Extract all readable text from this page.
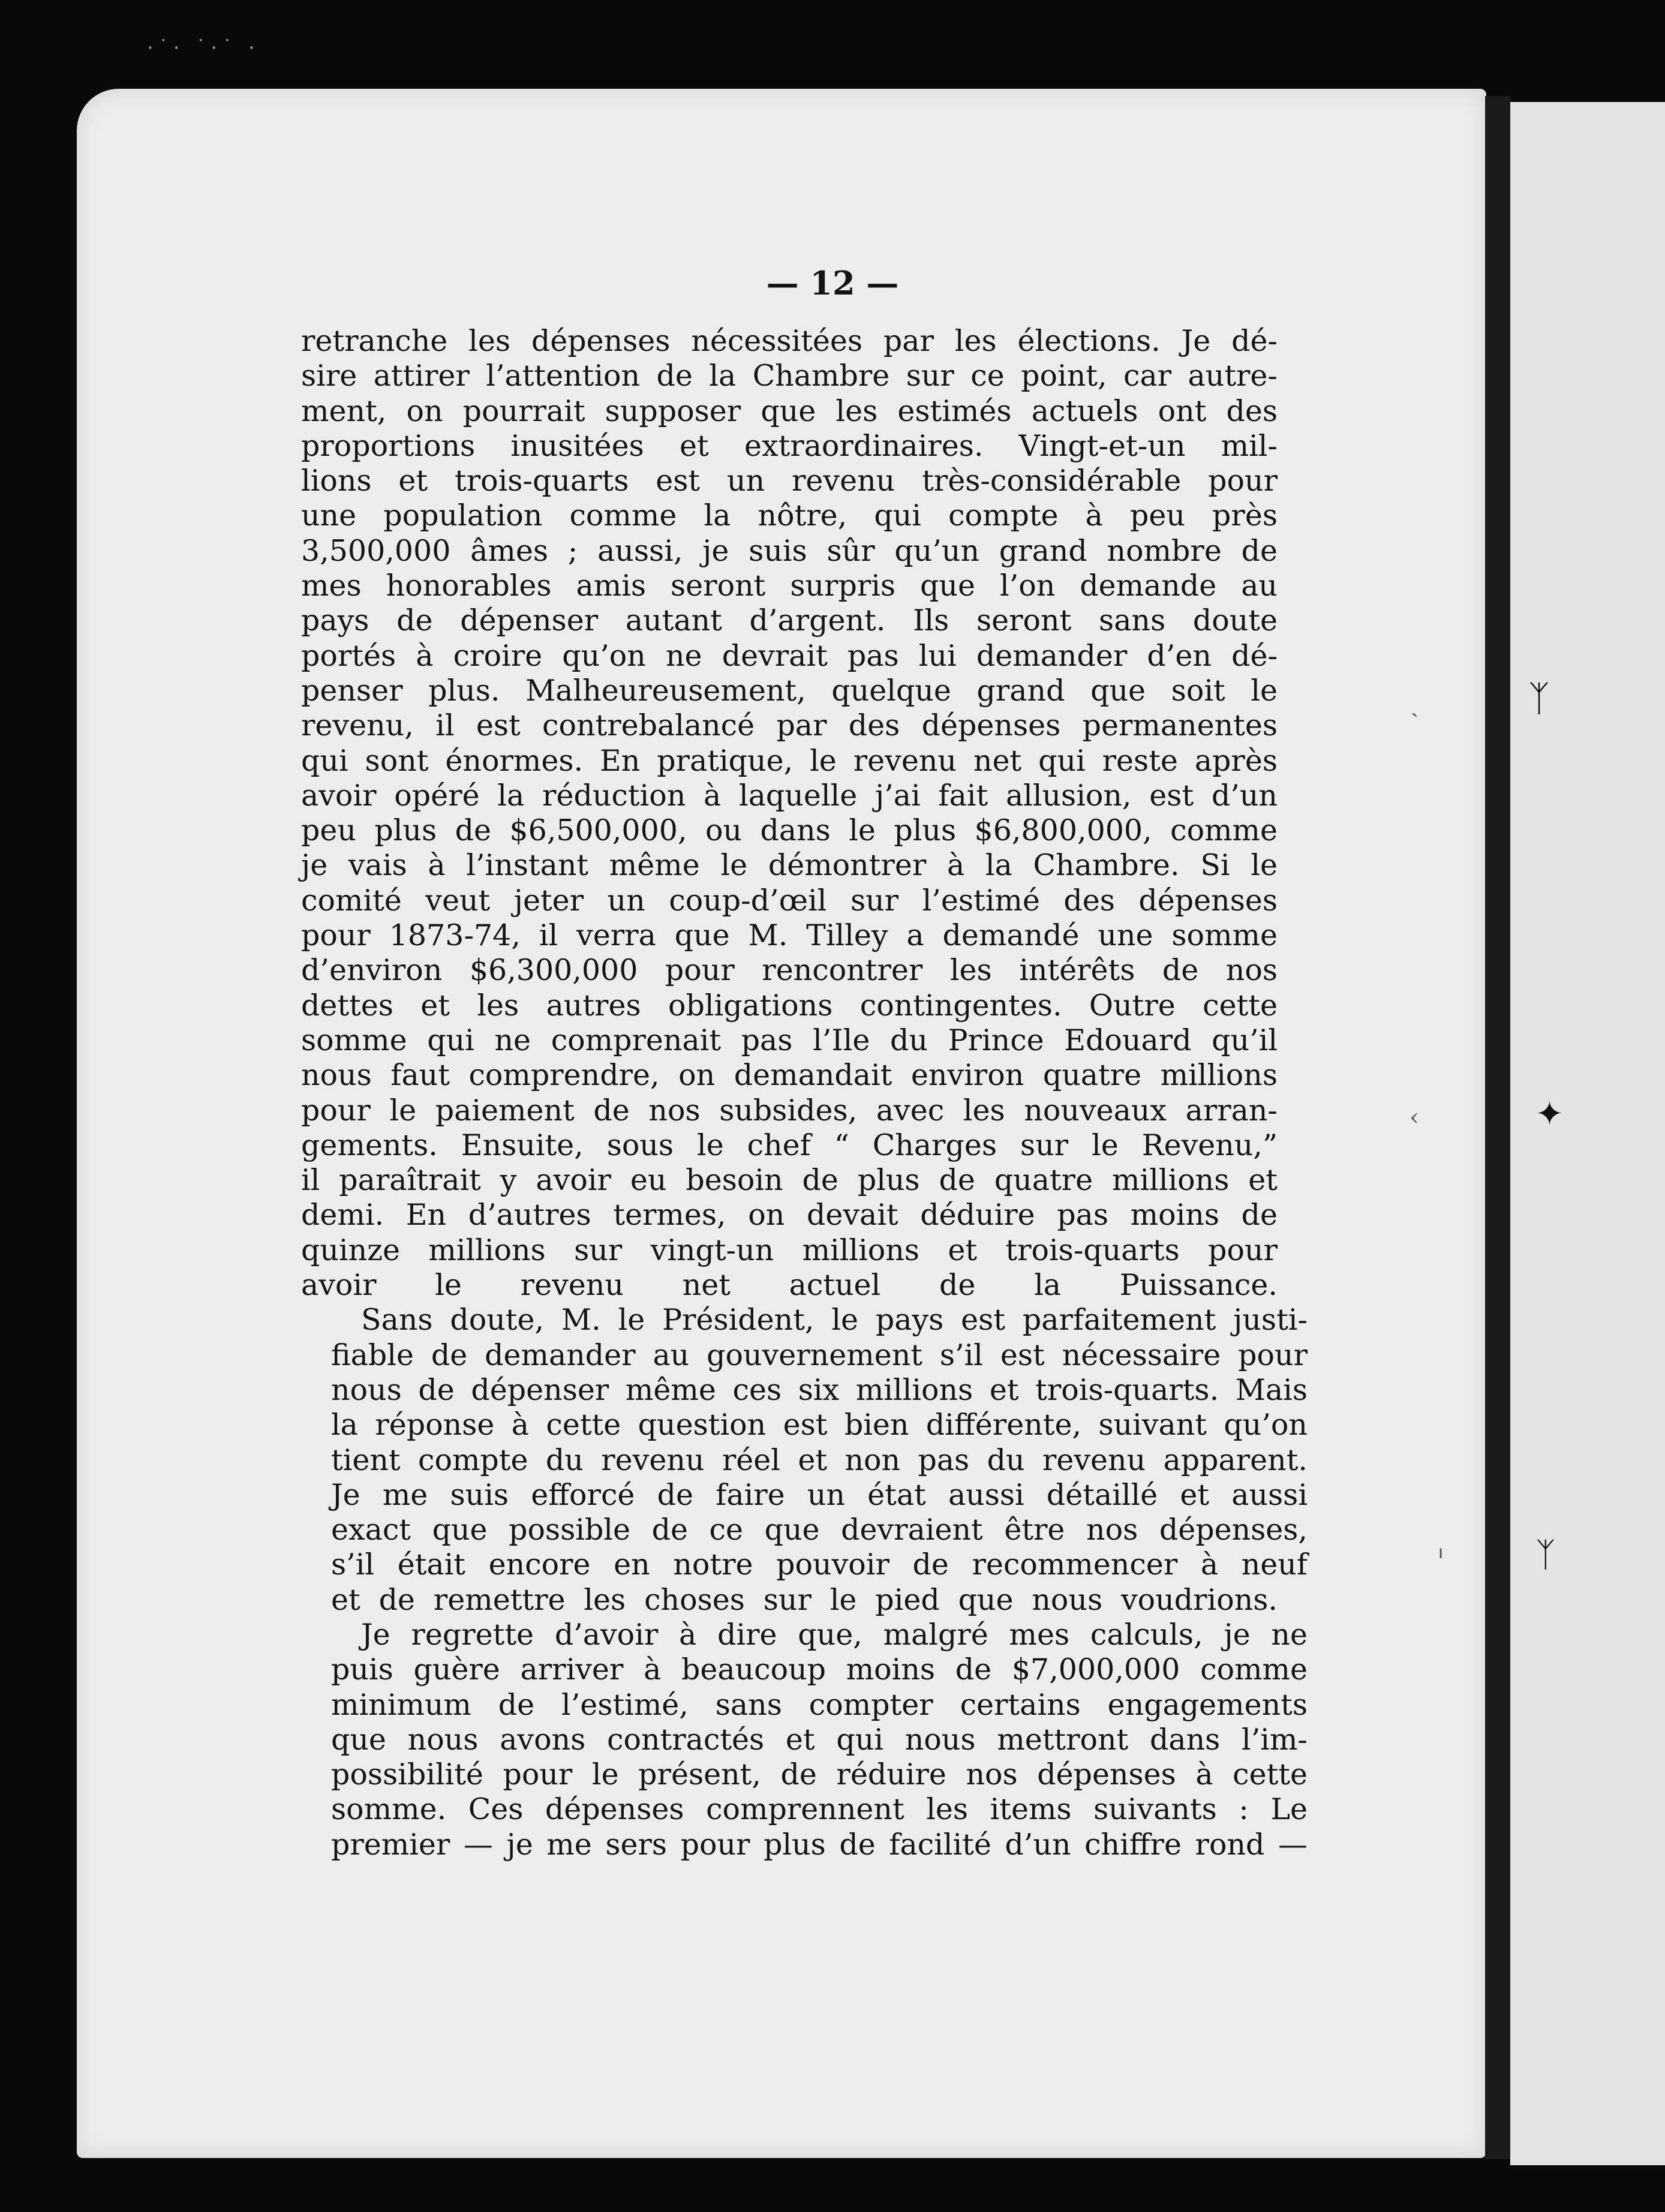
ᛉ
✦
ᛉ
ˎ
‹
ᑊ
·˙· ˙·˙ ·
— 12 —

retranche les dépenses nécessitées par les élections. Je dé-
sire attirer l’attention de la Chambre sur ce point, car autre-
ment, on pourrait supposer que les estimés actuels ont des
proportions inusitées et extraordinaires. Vingt-et-un mil-
lions et trois-quarts est un revenu très-considérable pour
une population comme la nôtre, qui compte à peu près
3,500,000 âmes ; aussi, je suis sûr qu’un grand nombre de
mes honorables amis seront surpris que l’on demande au
pays de dépenser autant d’argent. Ils seront sans doute
portés à croire qu’on ne devrait pas lui demander d’en dé-
penser plus. Malheureusement, quelque grand que soit le
revenu, il est contrebalancé par des dépenses permanentes
qui sont énormes. En pratique, le revenu net qui reste après
avoir opéré la réduction à laquelle j’ai fait allusion, est d’un
peu plus de $6,500,000, ou dans le plus $6,800,000, comme
je vais à l’instant même le démontrer à la Chambre. Si le
comité veut jeter un coup-d’œil sur l’estimé des dépenses
pour 1873-74, il verra que M. Tilley a demandé une somme
d’environ $6,300,000 pour rencontrer les intérêts de nos
dettes et les autres obligations contingentes. Outre cette
somme qui ne comprenait pas l’Ile du Prince Edouard qu’il
nous faut comprendre, on demandait environ quatre millions
pour le paiement de nos subsides, avec les nouveaux arran-
gements. Ensuite, sous le chef “ Charges sur le Revenu,”
il paraîtrait y avoir eu besoin de plus de quatre millions et
demi. En d’autres termes, on devait déduire pas moins de
quinze millions sur vingt-un millions et trois-quarts pour
avoir le revenu net actuel de la Puissance.

Sans doute, M. le Président, le pays est parfaitement justi-
fiable de demander au gouvernement s’il est nécessaire pour
nous de dépenser même ces six millions et trois-quarts. Mais
la réponse à cette question est bien différente, suivant qu’on
tient compte du revenu réel et non pas du revenu apparent.
Je me suis efforcé de faire un état aussi détaillé et aussi
exact que possible de ce que devraient être nos dépenses,
s’il était encore en notre pouvoir de recommencer à neuf
et de remettre les choses sur le pied que nous voudrions.

Je regrette d’avoir à dire que, malgré mes calculs, je ne
puis guère arriver à beaucoup moins de $7,000,000 comme
minimum de l’estimé, sans compter certains engagements
que nous avons contractés et qui nous mettront dans l’im-
possibilité pour le présent, de réduire nos dépenses à cette
somme. Ces dépenses comprennent les items suivants : Le
premier — je me sers pour plus de facilité d’un chiffre rond —
